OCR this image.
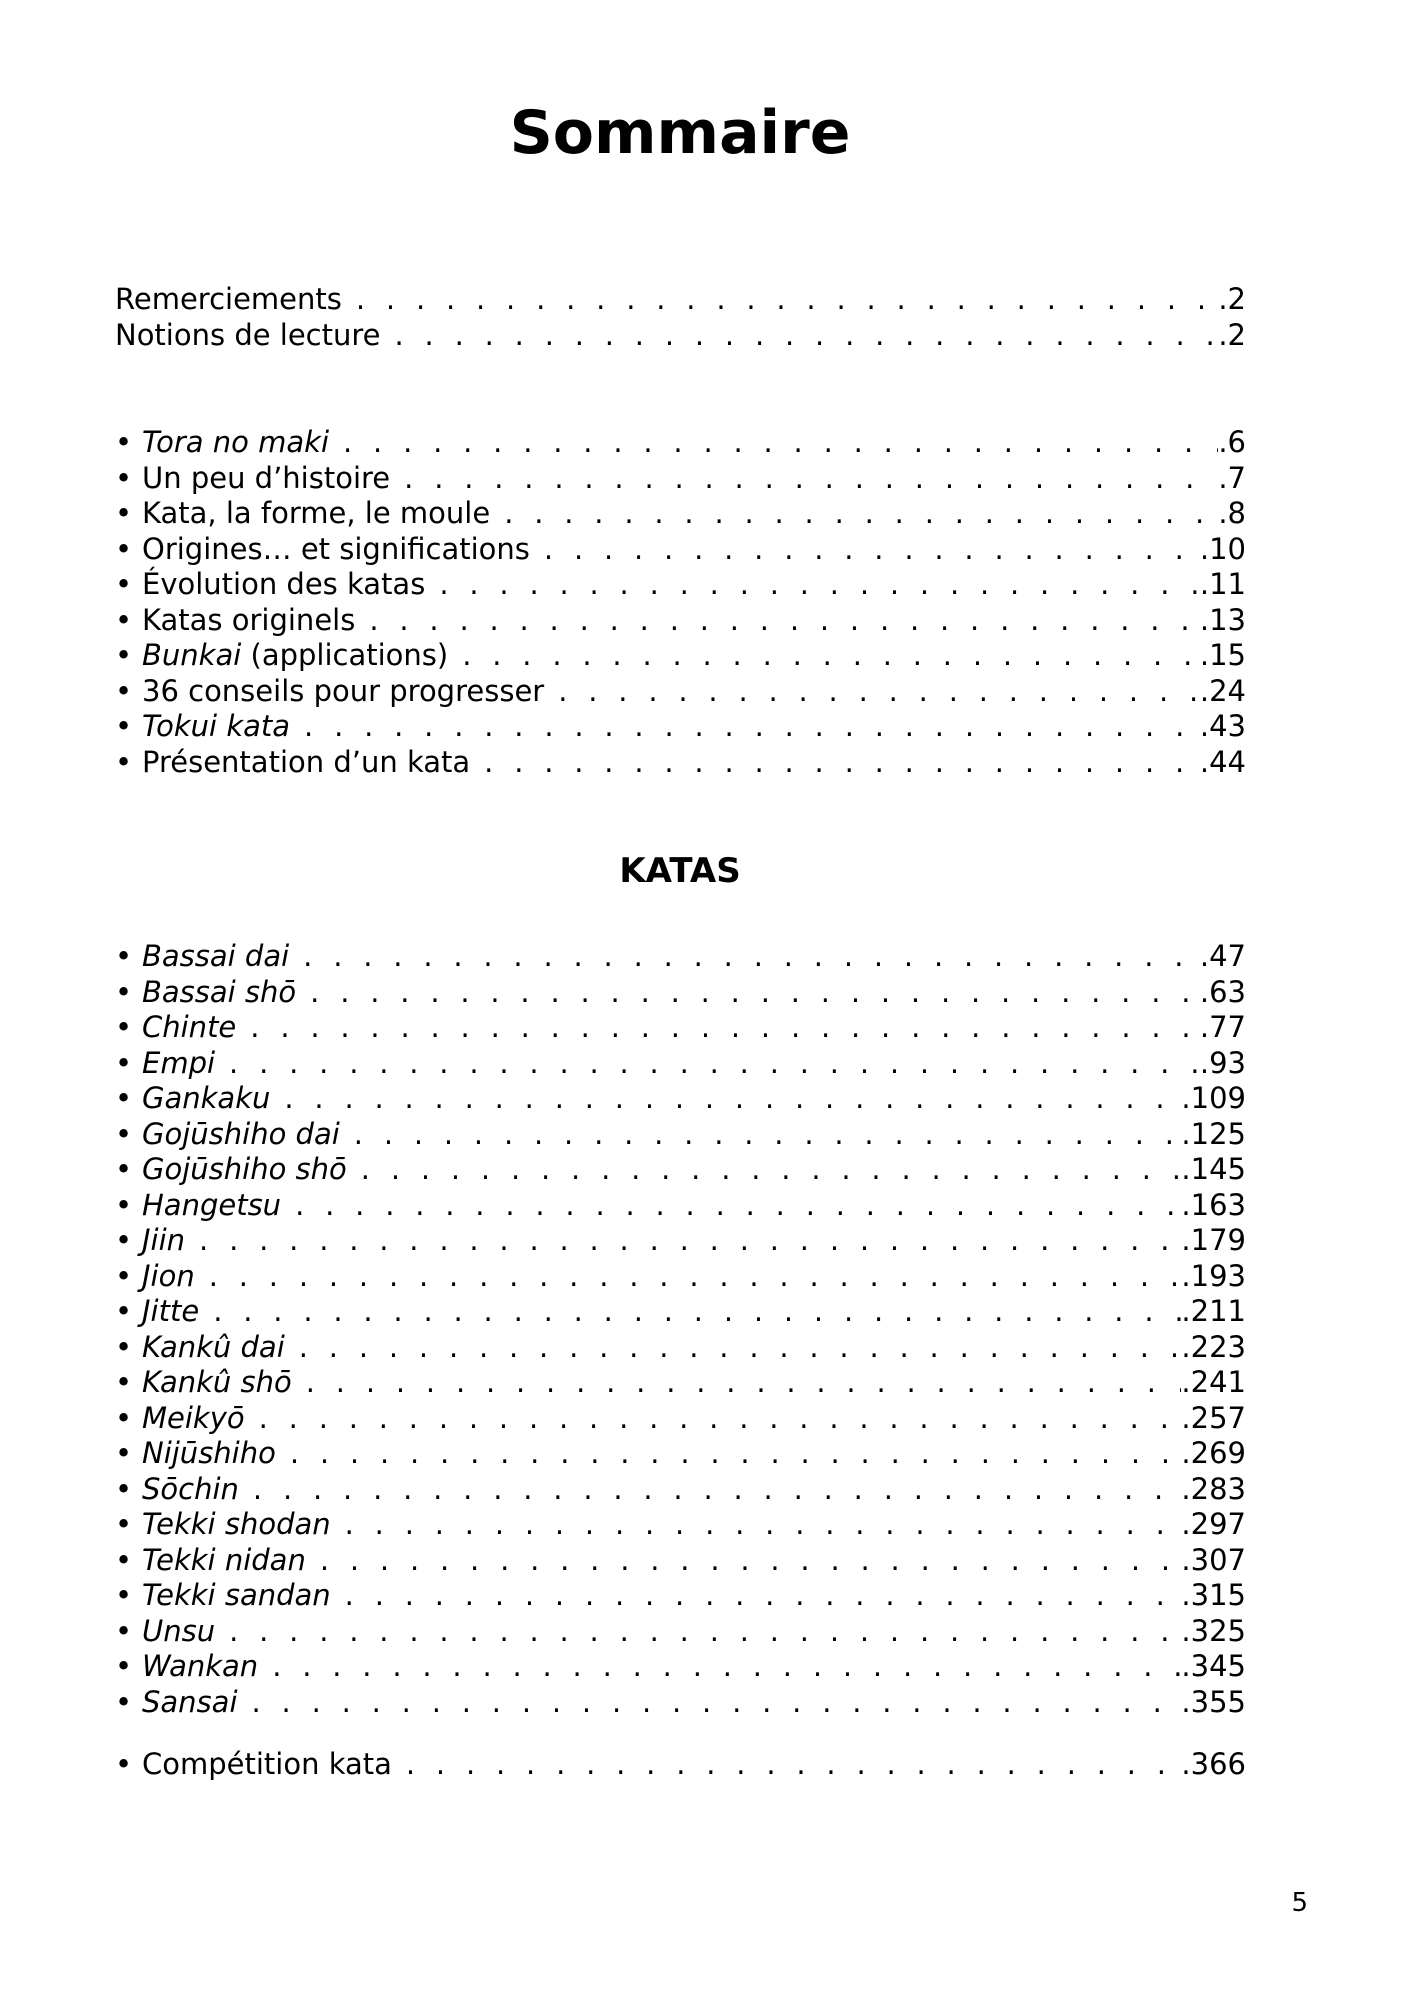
Sommaire
Remerciements . . .	.2
Notions de lecture . . .	.2
• Tora no maki . . .	.6
• Un peu d’histoire . . .	.7
• Kata, la forme, le moule . . .	.8
• Origines… et significations . . .	.10
• Évolution des katas . . .	.11
• Katas originels . . .	.13
• Bunkai (applications) . . .	.15
• 36 conseils pour progresser . . .	.24
• Tokui kata . . .	.43
• Présentation d’un kata . . .	.44
KATAS
• Bassai dai . . .	.47
• Bassai shō . . .	.63
• Chinte . . .	.77
• Empi . . .	.93
• Gankaku . . .	.109
• Gojūshiho dai . . .	.125
• Gojūshiho shō . . .	.145
• Hangetsu . . .	.163
• Jiin . . .	.179
• Jion . . .	.193
• Jitte . . .	.211
• Kankû dai . . .	.223
• Kankû shō . . .	.241
• Meikyō . . .	.257
• Nijūshiho . . .	.269
• Sōchin . . .	.283
• Tekki shodan . . .	.297
• Tekki nidan . . .	.307
• Tekki sandan . . .	.315
• Unsu . . .	.325
• Wankan . . .	.345
• Sansai . . .	.355
• Compétition kata . . .	.366
5
